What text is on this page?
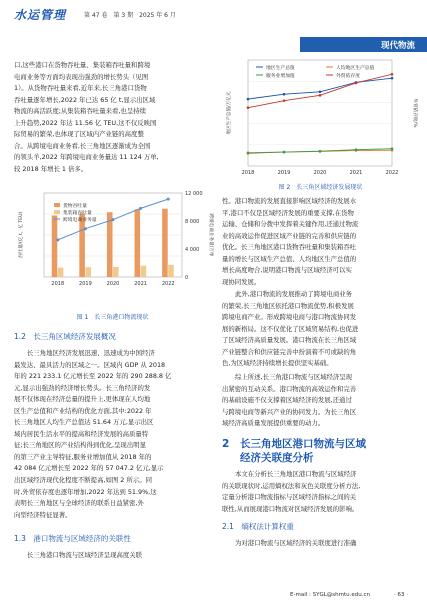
水运管理	第 47 卷　第 3 期　2025 年 6 月
现代物流

口,这些港口在货物吞吐量、集装箱吞吐量和跨境

电商业务等方面均表现出强劲的增长势头（见图

1）。从货物吞吐量来看,近年来,长三角港口货物

吞吐量逐年增长,2022 年已达 65 亿 t,显示出区域

物流的高活跃度;从集装箱吞吐量来看,也呈持续

上升趋势,2022 年达 11.56 亿 TEU,这不仅反映国

际贸易的繁荣,也体现了区域内产业链的高度整

合。从跨境电商业务看,长三角地区逐渐成为全国

的领头羊,2022 年跨境电商业务量达 11 124 万单,

较 2018 年增长 1 倍多。

0
4 000
8 000
12 000
2018	2019	2020	2021	2022
吞吐量/(亿 t、亿 TEU)	跨境电商业务量/万单
货物吞吐量
集装箱吞吐量
跨境电商业务量
图 1　长三角港口物流现状
1.2　长三角区域经济发展概况

长三角地区经济发展迅速、迅速成为中国经济

最发达、最具活力的区域之一。区域内 GDP 从 2018

年的 221 233.1 亿元增长至 2022 年的 290 288.8 亿

元,显示出强劲的经济增长势头。长三角经济的发

展不仅体现在经济总量的提升上,更体现在人均地

区生产总值和产业结构的优化方面,其中:2022 年

长三角地区人均生产总值达 51.64 万元,显示出区

域内居民生活水平的提高和经济发展的高质量特

征;长三角地区的产业结构得到优化,呈现出明显

的第三产业主导特征,服务业增加值从 2018 年的

42 084 亿元增长至 2022 年的 57 047.2 亿元,显示

出区域经济现代化程度不断提高,如图 2 所示。同

时,外贸依存度也逐年增加,2022 年达到 51.9%,这

表明长三角地区与全球经济的联系日益紧密,外

向型经济特征显著。

1.3　港口物流与区域经济的关联性

长三角港口物流与区域经济呈现高度关联

2018	2019	2020	2021	2022
地区生产总值/万亿元	外贸依存度/%
地区生产总值	人均地区生产总值
服务业增加值	外贸依存度
图 2　长三角区域经济发展现状

性。港口物流的发展直接影响区域经济的发展水

平,港口不仅是区域经济发展的重要支撑,在货物

运输、仓储和分拨中发挥着关键作用,还通过物流

业的高效运作促进区域产业链的完善和供应链的

优化。长三角地区港口货物吞吐量和集装箱吞吐

量的增长与区域生产总值、人均地区生产总值的

增长高度吻合,说明港口物流与区域经济可以实

现协同发展。

此外,港口物流的发展推动了跨境电商业务

的繁荣,长三角地区依托港口物流优势,积极发展

跨境电商产业。形成跨境电商与港口物流协同发

展的新格局。这不仅优化了区域贸易结构,也促进

了区域经济高质量发展。港口物流在长三角区域

产业链整合和供应链完善中扮演着不可或缺的角

色,为区域经济持续增长提供坚实基础。

综上所述,长三角港口物流与区域经济呈现

出紧密的互动关系。港口物流的高效运作和完善

的基础设施不仅支撑着区域经济的发展,还通过

与跨境电商等新兴产业的协同发力。为长三角区

域经济高质量发展提供重要的动力。

2 长三角地区港口物流与区域
经济关联度分析

本文在分析长三角地区港口物流与区域经济

的关联现状时,运用熵权法和灰色关联度分析方法,

定量分析港口物流指标与区域经济指标之间的关

联性,从而展现港口物流对区域经济发展的影响。

2.1　熵权法计算权重

为对港口物流与区域经济的关联度进行准确

E-mail : SYGL@shmtu.edu.cn	· 63 ·
